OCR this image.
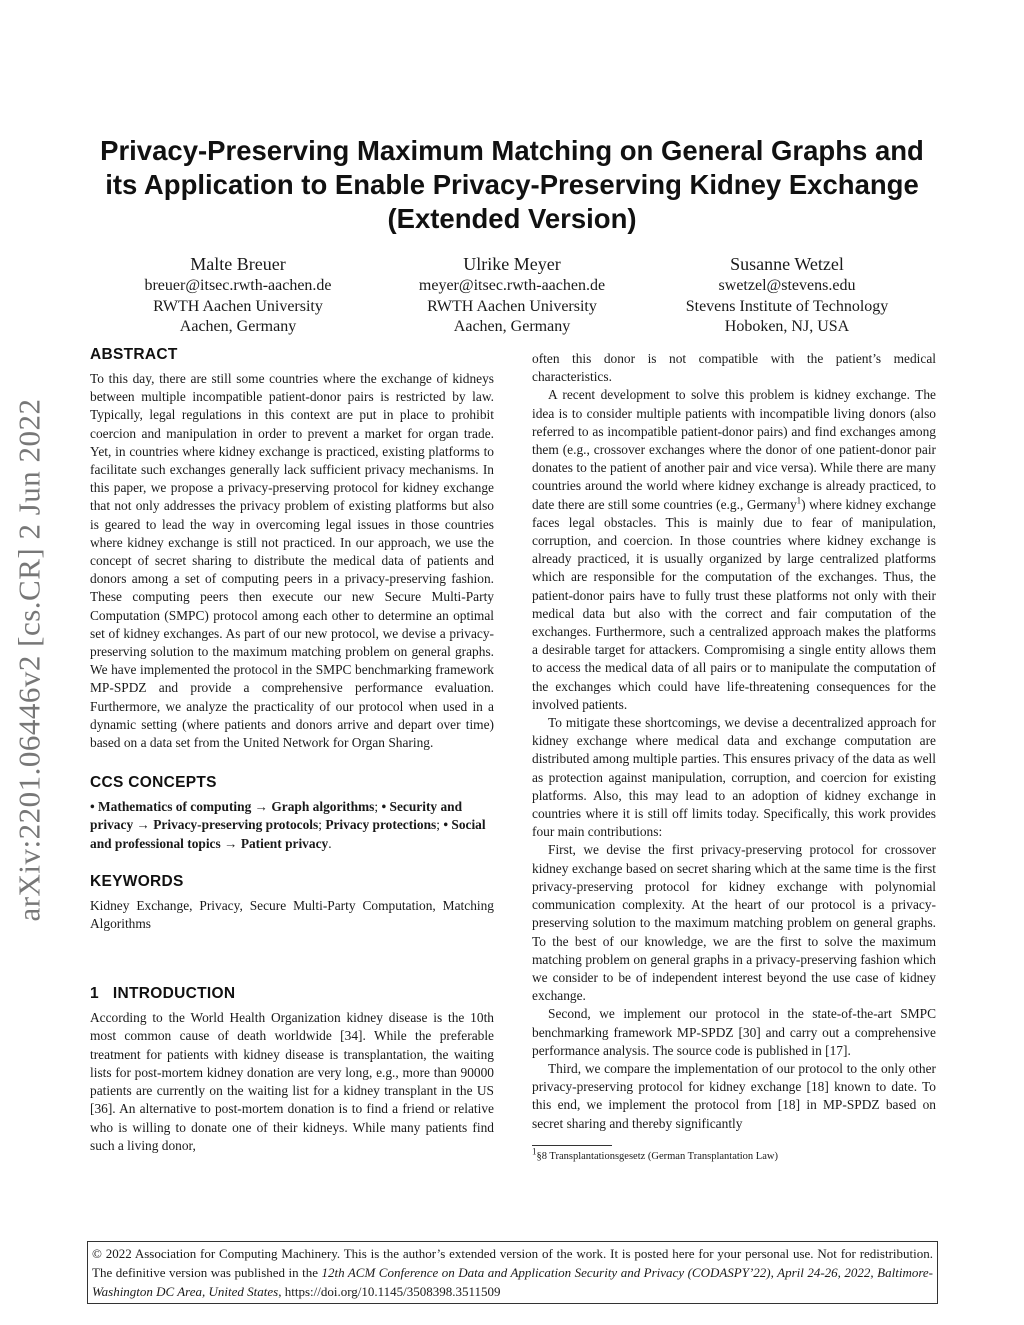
arXiv:2201.06446v2 [cs.CR] 2 Jun 2022
Privacy-Preserving Maximum Matching on General Graphs and
its Application to Enable Privacy-Preserving Kidney Exchange
(Extended Version)
Malte Breuer
breuer@itsec.rwth-aachen.de
RWTH Aachen University
Aachen, Germany
Ulrike Meyer
meyer@itsec.rwth-aachen.de
RWTH Aachen University
Aachen, Germany
Susanne Wetzel
swetzel@stevens.edu
Stevens Institute of Technology
Hoboken, NJ, USA
ABSTRACT

To this day, there are still some countries where the exchange of kidneys between multiple incompatible patient-donor pairs is restricted by law. Typically, legal regulations in this context are put in place to prohibit coercion and manipulation in order to prevent a market for organ trade. Yet, in countries where kidney exchange is practiced, existing platforms to facilitate such exchanges generally lack sufficient privacy mechanisms. In this paper, we propose a privacy-preserving protocol for kidney exchange that not only addresses the privacy problem of existing platforms but also is geared to lead the way in overcoming legal issues in those countries where kidney exchange is still not practiced. In our approach, we use the concept of secret sharing to distribute the medical data of patients and donors among a set of computing peers in a privacy-preserving fashion. These computing peers then execute our new Secure Multi-Party Computation (SMPC) protocol among each other to determine an optimal set of kidney exchanges. As part of our new protocol, we devise a privacy-preserving solution to the maximum matching problem on general graphs. We have implemented the protocol in the SMPC benchmarking framework MP-SPDZ and provide a comprehensive performance evaluation. Furthermore, we analyze the practicality of our protocol when used in a dynamic setting (where patients and donors arrive and depart over time) based on a data set from the United Network for Organ Sharing.

CCS CONCEPTS

• Mathematics of computing → Graph algorithms; • Security and privacy → Privacy-preserving protocols; Privacy protections; • Social and professional topics → Patient privacy.

KEYWORDS

Kidney Exchange, Privacy, Secure Multi-Party Computation, Matching Algorithms

1 INTRODUCTION

According to the World Health Organization kidney disease is the 10th most common cause of death worldwide [34]. While the preferable treatment for patients with kidney disease is transplantation, the waiting lists for post-mortem kidney donation are very long, e.g., more than 90000 patients are currently on the waiting list for a kidney transplant in the US [36]. An alternative to post-mortem donation is to find a friend or relative who is willing to donate one of their kidneys. While many patients find such a living donor,

often this donor is not compatible with the patient’s medical characteristics.

A recent development to solve this problem is kidney exchange. The idea is to consider multiple patients with incompatible living donors (also referred to as incompatible patient-donor pairs) and find exchanges among them (e.g., crossover exchanges where the donor of one patient-donor pair donates to the patient of another pair and vice versa). While there are many countries around the world where kidney exchange is already practiced, to date there are still some countries (e.g., Germany$^1$) where kidney exchange faces legal obstacles. This is mainly due to fear of manipulation, corruption, and coercion. In those countries where kidney exchange is already practiced, it is usually organized by large centralized platforms which are responsible for the computation of the exchanges. Thus, the patient-donor pairs have to fully trust these platforms not only with their medical data but also with the correct and fair computation of the exchanges. Furthermore, such a centralized approach makes the platforms a desirable target for attackers. Compromising a single entity allows them to access the medical data of all pairs or to manipulate the computation of the exchanges which could have life-threatening consequences for the involved patients.

To mitigate these shortcomings, we devise a decentralized approach for kidney exchange where medical data and exchange computation are distributed among multiple parties. This ensures privacy of the data as well as protection against manipulation, corruption, and coercion for existing platforms. Also, this may lead to an adoption of kidney exchange in countries where it is still off limits today. Specifically, this work provides four main contributions:

First, we devise the first privacy-preserving protocol for crossover kidney exchange based on secret sharing which at the same time is the first privacy-preserving protocol for kidney exchange with polynomial communication complexity. At the heart of our protocol is a privacy-preserving solution to the maximum matching problem on general graphs. To the best of our knowledge, we are the first to solve the maximum matching problem on general graphs in a privacy-preserving fashion which we consider to be of independent interest beyond the use case of kidney exchange.

Second, we implement our protocol in the state-of-the-art SMPC benchmarking framework MP-SPDZ [30] and carry out a comprehensive performance analysis. The source code is published in [17].

Third, we compare the implementation of our protocol to the only other privacy-preserving protocol for kidney exchange [18] known to date. To this end, we implement the protocol from [18] in MP-SPDZ based on secret sharing and thereby significantly

$^1$§8 Transplantationsgesetz (German Transplantation Law)
© 2022 Association for Computing Machinery. This is the author’s extended version of the work. It is posted here for your personal use. Not for redistribution. The definitive version was published in the 12th ACM Conference on Data and Application Security and Privacy (CODASPY’22), April 24-26, 2022, Baltimore-Washington DC Area, United States, https://doi.org/10.1145/3508398.3511509
